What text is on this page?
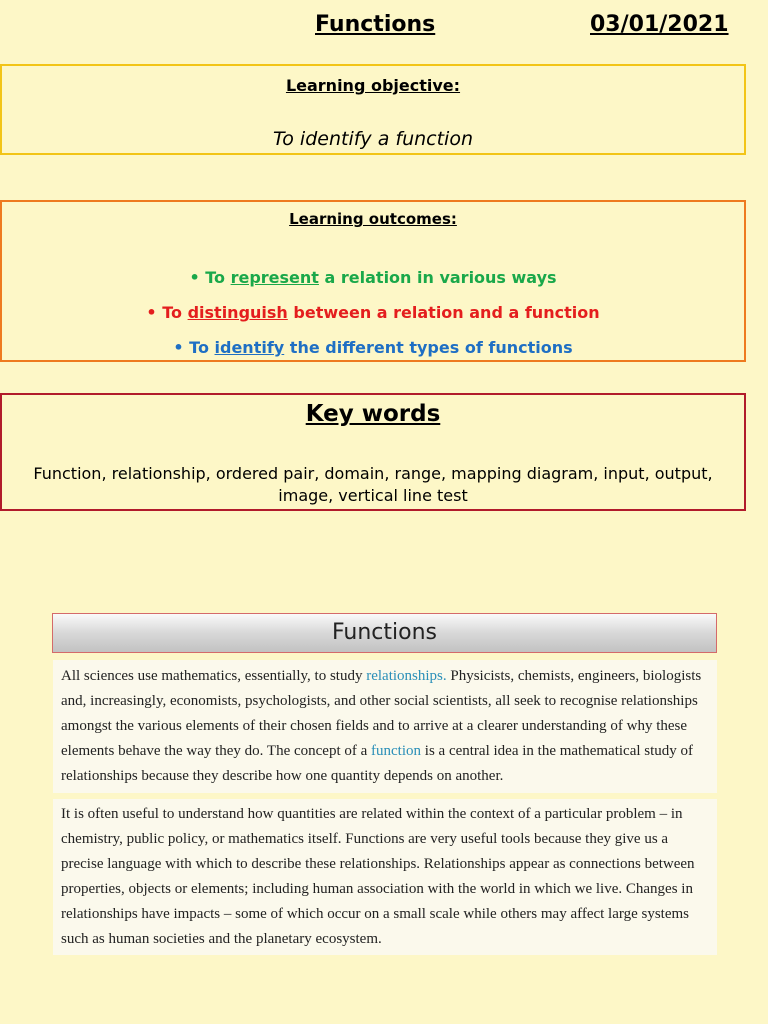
Functions	03/01/2021
Learning objective:
To identify a function
Learning outcomes:
• To represent a relation in various ways
• To distinguish between a relation and a function
• To identify the different types of functions
Key words
Function, relationship, ordered pair, domain, range, mapping diagram, input, output, image, vertical line test
Functions
All sciences use mathematics, essentially, to study relationships. Physicists, chemists, engineers, biologists and, increasingly, economists, psychologists, and other social scientists, all seek to recognise relationships amongst the various elements of their chosen fields and to arrive at a clearer understanding of why these elements behave the way they do. The concept of a function is a central idea in the mathematical study of relationships because they describe how one quantity depends on another.
It is often useful to understand how quantities are related within the context of a particular problem – in chemistry, public policy, or mathematics itself. Functions are very useful tools because they give us a precise language with which to describe these relationships. Relationships appear as connections between properties, objects or elements; including human association with the world in which we live. Changes in relationships have impacts – some of which occur on a small scale while others may affect large systems such as human societies and the planetary ecosystem.
